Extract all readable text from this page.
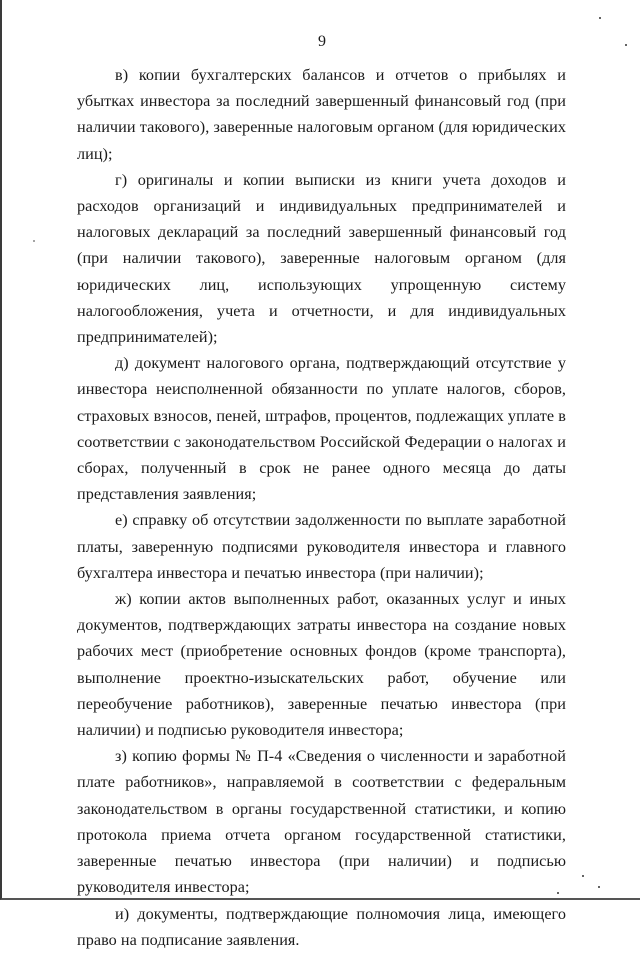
9

в) копии бухгалтерских балансов и отчетов о прибылях и убытках инвестора за последний завершенный финансовый год (при наличии такового), заверенные налоговым органом (для юридических лиц);

г) оригиналы и копии выписки из книги учета доходов и расходов организаций и индивидуальных предпринимателей и налоговых деклараций за последний завершенный финансовый год (при наличии такового), заверенные налоговым органом (для юридических лиц, использующих упрощенную систему налогообложения, учета и отчетности, и для индивидуальных предпринимателей);

д) документ налогового органа, подтверждающий отсутствие у инвестора неисполненной обязанности по уплате налогов, сборов, страховых взносов, пеней, штрафов, процентов, подлежащих уплате в соответствии с законодательством Российской Федерации о налогах и сборах, полученный в срок не ранее одного месяца до даты представления заявления;

е) справку об отсутствии задолженности по выплате заработной платы, заверенную подписями руководителя инвестора и главного бухгалтера инвестора и печатью инвестора (при наличии);

ж) копии актов выполненных работ, оказанных услуг и иных документов, подтверждающих затраты инвестора на создание новых рабочих мест (приобретение основных фондов (кроме транспорта), выполнение проектно-изыскательских работ, обучение или переобучение работников), заверенные печатью инвестора (при наличии) и подписью руководителя инвестора;

з) копию формы № П-4 «Сведения о численности и заработной плате работников», направляемой в соответствии с федеральным законодательством в органы государственной статистики, и копию протокола приема отчета органом государственной статистики, заверенные печатью инвестора (при наличии) и подписью руководителя инвестора;

и) документы, подтверждающие полномочия лица, имеющего право на подписание заявления.
